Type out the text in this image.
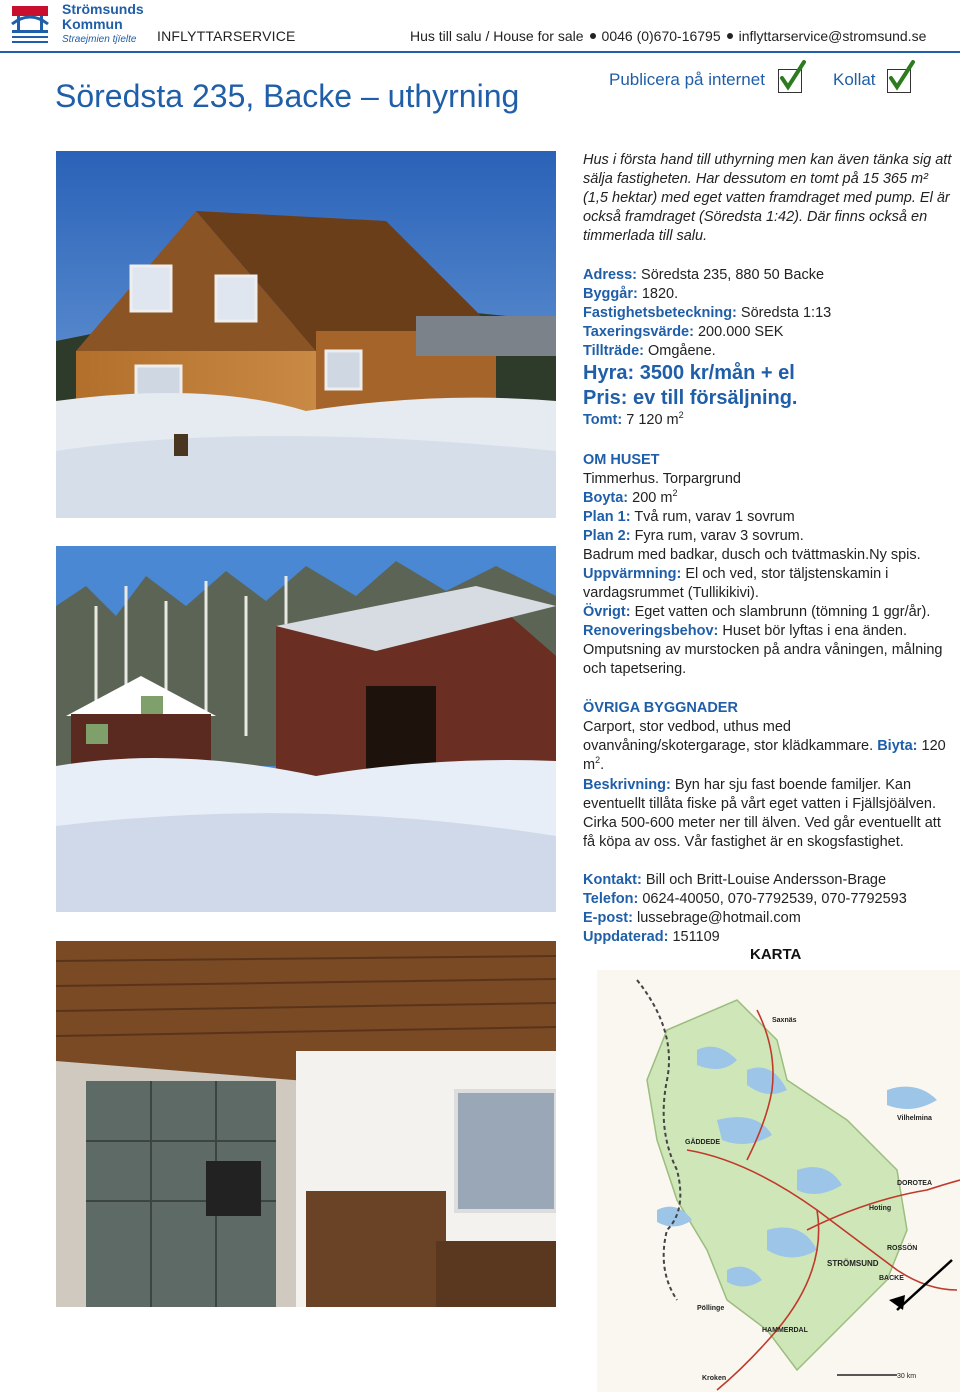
Strömsunds
Kommun
Straejmien tjïelte	INFLYTTARSERVICE	Hus till salu / House for sale 0046 (0)670-16795 inflyttarservice@stromsund.se
Söredsta 235, Backe – uthyrning	Publicera på internet	Kollat
Hus i första hand till uthyrning men kan även tänka sig att sälja fastigheten. Har dessutom en tomt på 15 365 m² (1,5 hektar) med eget vatten framdraget med pump. El är också framdraget (Söredsta 1:42). Där finns också en timmerlada till salu.
Adress: Söredsta 235, 880 50 Backe
Byggår: 1820.
Fastighetsbeteckning: Söredsta 1:13
Taxeringsvärde: 200.000 SEK
Tillträde: Omgåene.
Hyra: 3500 kr/mån + el
Pris: ev till försäljning.
Tomt: 7 120 $m^2$
OM HUSET
Timmerhus. Torpargrund
Boyta: 200 $m^2$
Plan 1: Två rum, varav 1 sovrum
Plan 2: Fyra rum, varav 3 sovrum.
Badrum med badkar, dusch och tvättmaskin.Ny spis.
Uppvärmning: El och ved, stor täljstenskamin i vardagsrummet (Tullikikivi).
Övrigt: Eget vatten och slambrunn (tömning 1 ggr/år).
Renoveringsbehov: Huset bör lyftas i ena änden.
Omputsning av murstocken på andra våningen, målning och tapetsering.
ÖVRIGA BYGGNADER
Carport, stor vedbod, uthus med ovanvåning/skotergarage, stor klädkammare. Biyta: 120 $m^2$.
Beskrivning: Byn har sju fast boende familjer. Kan eventuellt tillåta fiske på vårt eget vatten i Fjällsjöälven. Cirka 500-600 meter ner till älven. Ved går eventuellt att få köpa av oss. Vår fastighet är en skogsfastighet.
Kontakt: Bill och Britt-Louise Andersson-Brage
Telefon: 0624-40050, 070-7792539, 070-7792593
E-post: lussebrage@hotmail.com
Uppdaterad: 151109
KARTA
GÄDDEDE
STRÖMSUND
HAMMERDAL
BACKE
DOROTEA
Vilhelmina
Kroken
Pöllinge
ROSSÖN
Hoting
Saxnäs
30 km
